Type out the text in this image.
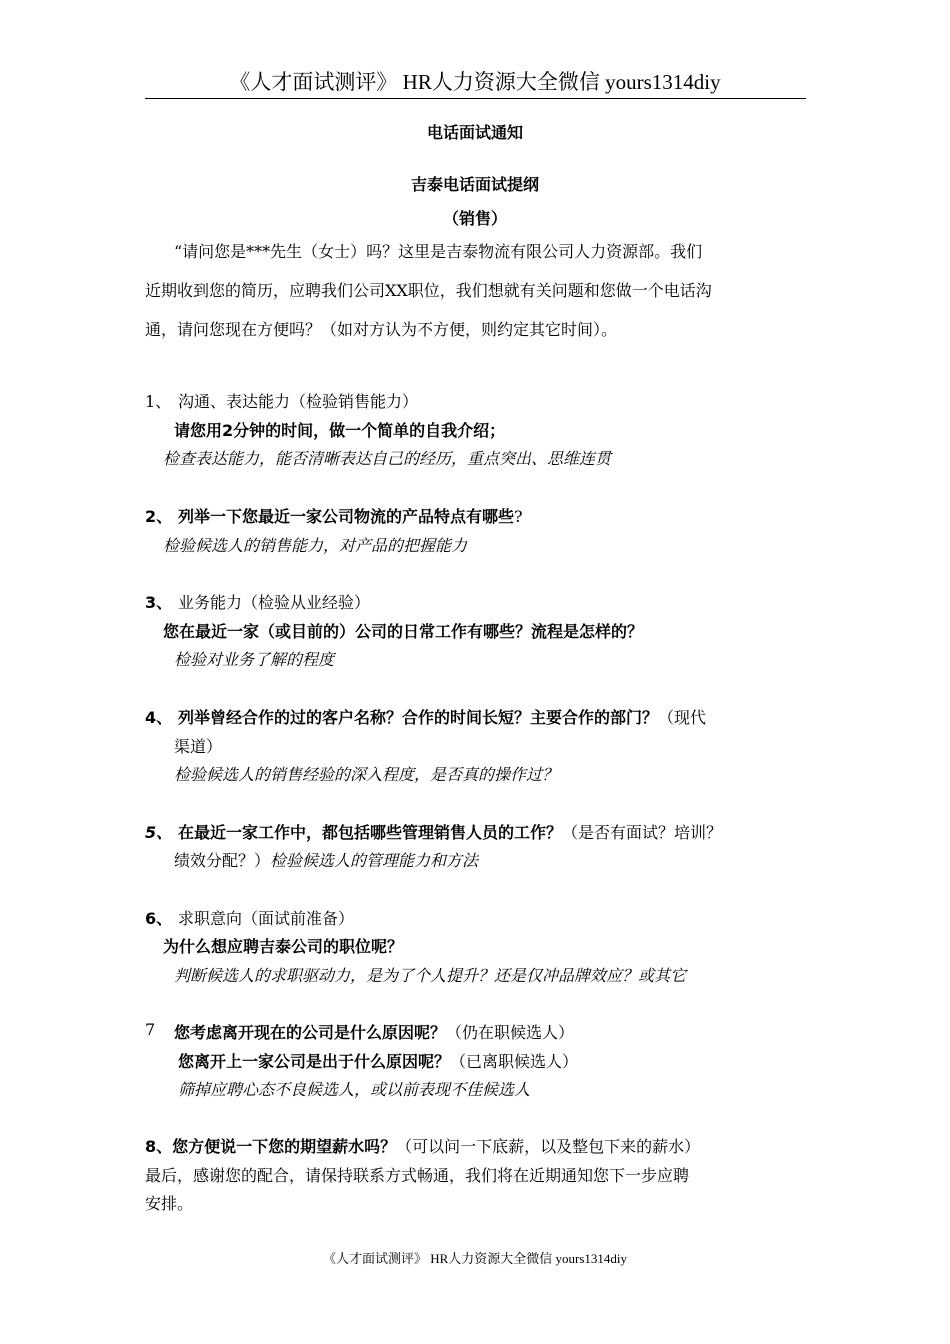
《人才面试测评》 HR人力资源大全微信 yours1314diy
电话面试通知
吉泰电话面试提纲
（销售）
“请问您是***先生（女士）吗？这里是吉泰物流有限公司人力资源部。我们
近期收到您的简历，应聘我们公司XX职位，我们想就有关问题和您做一个电话沟
通，请问您现在方便吗？（如对方认为不方便，则约定其它时间）。
1、 沟通、表达能力（检验销售能力）
请您用2分钟的时间，做一个简单的自我介绍；
检查表达能力，能否清晰表达自己的经历，重点突出、思维连贯
2、 列举一下您最近一家公司物流的产品特点有哪些?
检验候选人的销售能力，对产品的把握能力
3、 业务能力（检验从业经验）
您在最近一家（或目前的）公司的日常工作有哪些？流程是怎样的？
检验对业务了解的程度
4、 列举曾经合作的过的客户名称？合作的时间长短？主要合作的部门？（现代
渠道）
检验候选人的销售经验的深入程度，是否真的操作过？
5、 在最近一家工作中，都包括哪些管理销售人员的工作？（是否有面试？培训？
绩效分配？）检验候选人的管理能力和方法
6、 求职意向（面试前准备）
为什么想应聘吉泰公司的职位呢？
判断候选人的求职驱动力，是为了个人提升？还是仅冲品牌效应？或其它
7 您考虑离开现在的公司是什么原因呢？（仍在职候选人）
您离开上一家公司是出于什么原因呢？（已离职候选人）
筛掉应聘心态不良候选人，或以前表现不佳候选人
8、您方便说一下您的期望薪水吗？（可以问一下底薪，以及整包下来的薪水）
最后，感谢您的配合，请保持联系方式畅通，我们将在近期通知您下一步应聘
安排。
《人才面试测评》 HR人力资源大全微信 yours1314diy
